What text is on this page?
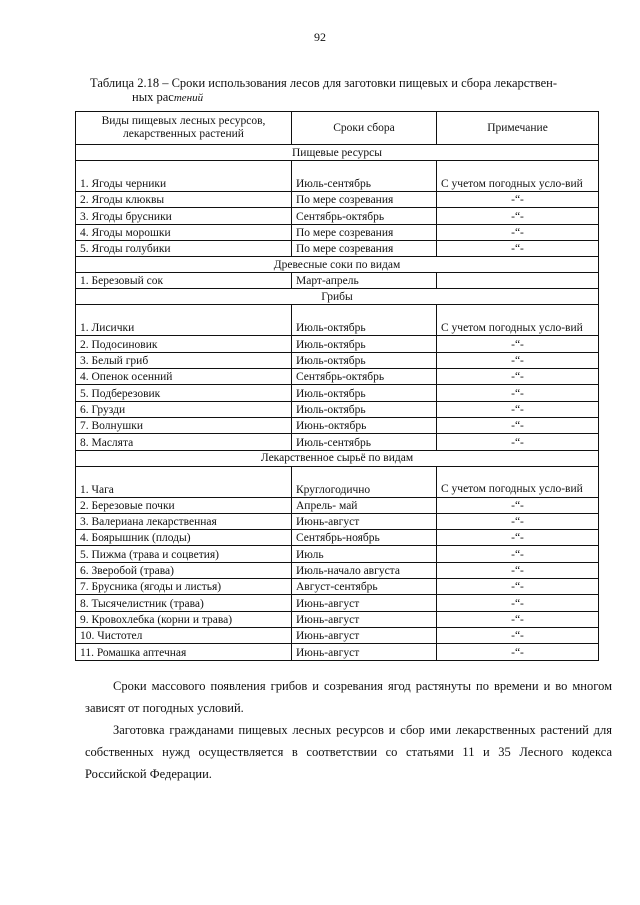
92
Таблица 2.18 – Сроки использования лесов для заготовки пищевых и сбора лекарствен-
ных растений
Виды пищевых лесных ресурсов, лекарственных растений	Сроки сбора	Примечание
Пищевые ресурсы		
1. Ягоды черники	Июль-сентябрь	С учетом погодных усло-вий
2. Ягоды клюквы	По мере созревания	-“-
3. Ягоды брусники	Сентябрь-октябрь	-“-
4. Ягоды морошки	По мере созревания	-“-
5. Ягоды голубики	По мере созревания	-“-
Древесные соки по видам		
1. Березовый сок	Март-апрель	
Грибы		
1. Лисички	Июль-октябрь	С учетом погодных усло-вий
2. Подосиновик	Июль-октябрь	-“-
3. Белый гриб	Июль-октябрь	-“-
4. Опенок осенний	Сентябрь-октябрь	-“-
5. Подберезовик	Июль-октябрь	-“-
6. Грузди	Июль-октябрь	-“-
7. Волнушки	Июнь-октябрь	-“-
8. Маслята	Июль-сентябрь	-“-
Лекарственное сырьё по видам		
1. Чага	Круглогодично	С учетом погодных усло-вий
2. Березовые почки	Апрель- май	-“-
3. Валериана лекарственная	Июнь-август	-“-
4. Боярышник (плоды)	Сентябрь-ноябрь	-“-
5. Пижма (трава и соцветия)	Июль	-“-
6. Зверобой (трава)	Июль-начало августа	-“-
7. Брусника (ягоды и листья)	Август-сентябрь	-“-
8. Тысячелистник (трава)	Июнь-август	-“-
9. Кровохлебка (корни и трава)	Июнь-август	-“-
10. Чистотел	Июнь-август	-“-
11. Ромашка аптечная	Июнь-август	-“-
Сроки массового появления грибов и созревания ягод растянуты по времени и во многом зависят от погодных условий.
Заготовка гражданами пищевых лесных ресурсов и сбор ими лекарственных растений для собственных нужд осуществляется в соответствии со статьями 11 и 35 Лесного кодекса Российской Федерации.
